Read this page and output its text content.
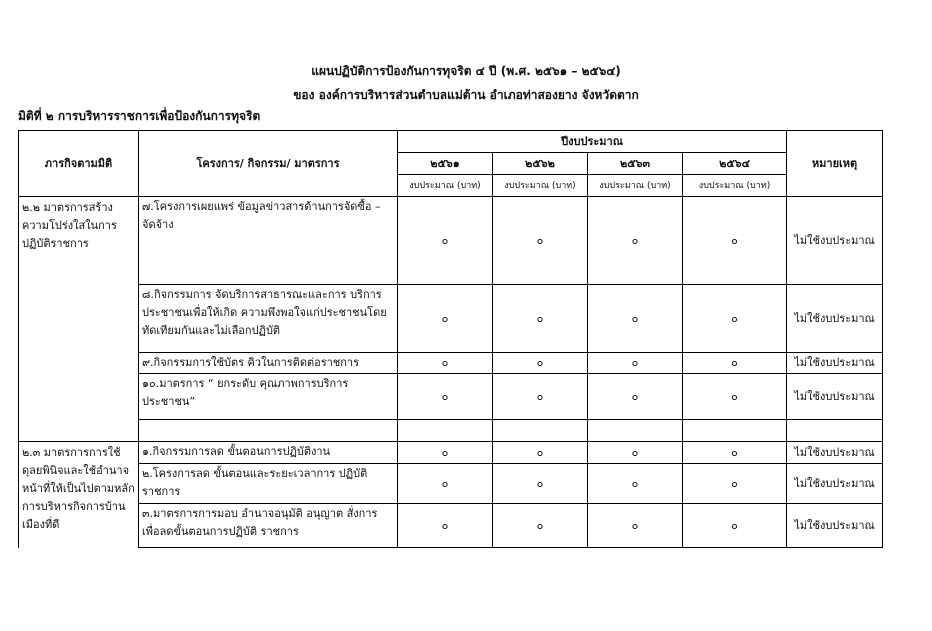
แผนปฏิบัติการป้องกันการทุจริต ๔ ปี (พ.ศ. ๒๕๖๑ – ๒๕๖๔)
ของ องค์การบริหารส่วนตำบลแม่ต้าน อำเภอท่าสองยาง จังหวัดตาก
มิติที่ ๒ การบริหารราชการเพื่อป้องกันการทุจริต
ภารกิจตามมิติ	โครงการ/ กิจกรรม/ มาตรการ	ปีงบประมาณ				หมายเหตุ
		๒๕๖๑	๒๕๖๒	๒๕๖๓	๒๕๖๔	
		งบประมาณ (บาท)	งบประมาณ (บาท)	งบประมาณ (บาท)	งบประมาณ (บาท)	
๒.๒ มาตรการสร้างความโปร่งใสในการปฏิบัติราชการ	๗.โครงการเผยแพร่ ข้อมูลข่าวสารด้านการจัดซื้อ – จัดจ้าง	๐	๐	๐	๐	ไม่ใช้งบประมาณ
	๘.กิจกรรมการ จัดบริการสาธารณะและการ บริการประชาชนเพื่อให้เกิด ความพึงพอใจแก่ประชาชนโดยทัดเทียมกันและไม่เลือกปฏิบัติ	๐	๐	๐	๐	ไม่ใช้งบประมาณ
	๙.กิจกรรมการใช้บัตร คิวในการติดต่อราชการ	๐	๐	๐	๐	ไม่ใช้งบประมาณ
	๑๐.มาตรการ “ ยกระดับ คุณภาพการบริการประชาชน”	๐	๐	๐	๐	ไม่ใช้งบประมาณ

๒.๓ มาตรการการใช้ดุลยพินิจและใช้อำนาจหน้าที่ให้เป็นไปตามหลักการบริหารกิจการบ้านเมืองที่ดี	๑.กิจกรรมการลด ขั้นตอนการปฏิบัติงาน	๐	๐	๐	๐	ไม่ใช้งบประมาณ
	๒.โครงการลด ขั้นตอนและระยะเวลาการ ปฏิบัติราชการ	๐	๐	๐	๐	ไม่ใช้งบประมาณ
	๓.มาตรการการมอบ อำนาจอนุมัติ อนุญาต สั่งการเพื่อลดขั้นตอนการปฏิบัติ ราชการ	๐	๐	๐	๐	ไม่ใช้งบประมาณ
